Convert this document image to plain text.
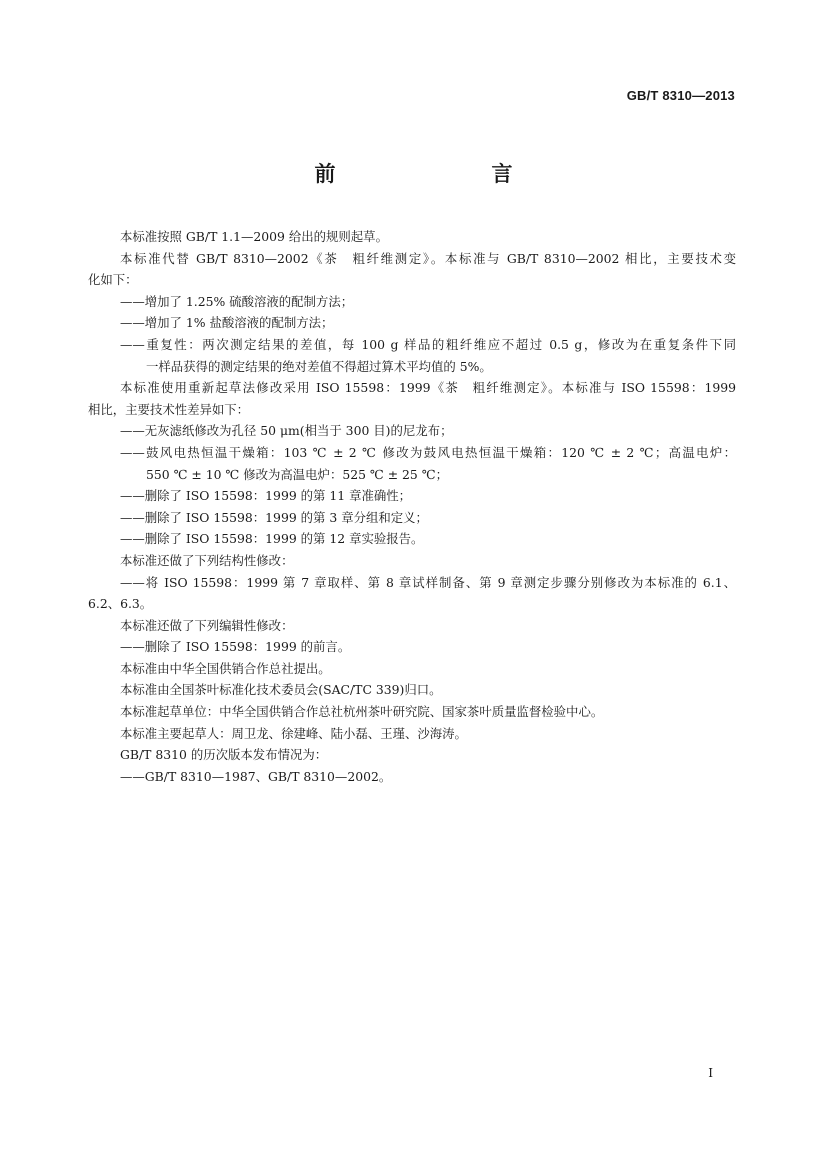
GB/T 8310—2013
前　　言
本标准按照 GB/T 1.1—2009 给出的规则起草。
本标准代替 GB/T 8310—2002《茶　粗纤维测定》。本标准与 GB/T 8310—2002 相比，主要技术变
化如下：
——增加了 1.25% 硫酸溶液的配制方法；
——增加了 1% 盐酸溶液的配制方法；
——重复性：两次测定结果的差值，每 100 g 样品的粗纤维应不超过 0.5 g，修改为在重复条件下同
一样品获得的测定结果的绝对差值不得超过算术平均值的 5%。
本标准使用重新起草法修改采用 ISO 15598：1999《茶　粗纤维测定》。本标准与 ISO 15598：1999
相比，主要技术性差异如下：
——无灰滤纸修改为孔径 50 μm(相当于 300 目)的尼龙布；
——鼓风电热恒温干燥箱：103 ℃ ± 2 ℃ 修改为鼓风电热恒温干燥箱：120 ℃ ± 2 ℃；高温电炉：
550 ℃ ± 10 ℃ 修改为高温电炉：525 ℃ ± 25 ℃；
——删除了 ISO 15598：1999 的第 11 章准确性；
——删除了 ISO 15598：1999 的第 3 章分组和定义；
——删除了 ISO 15598：1999 的第 12 章实验报告。
本标准还做了下列结构性修改：
——将 ISO 15598：1999 第 7 章取样、第 8 章试样制备、第 9 章测定步骤分别修改为本标准的 6.1、
6.2、6.3。
本标准还做了下列编辑性修改：
——删除了 ISO 15598：1999 的前言。
本标准由中华全国供销合作总社提出。
本标准由全国茶叶标准化技术委员会(SAC/TC 339)归口。
本标准起草单位：中华全国供销合作总社杭州茶叶研究院、国家茶叶质量监督检验中心。
本标准主要起草人：周卫龙、徐建峰、陆小磊、王瑾、沙海涛。
GB/T 8310 的历次版本发布情况为：
——GB/T 8310—1987、GB/T 8310—2002。
I
